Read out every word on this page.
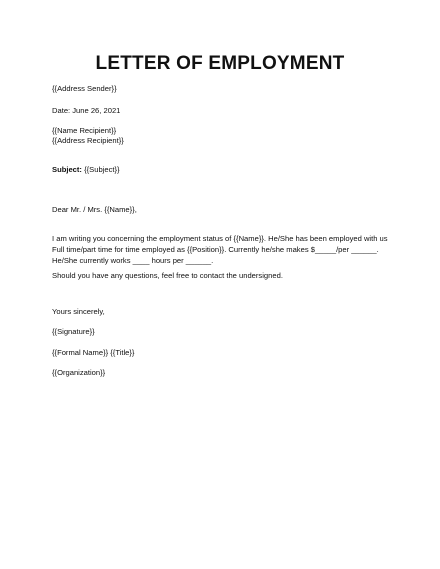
LETTER OF EMPLOYMENT
{{Address Sender}}
Date: June 26, 2021
{{Name Recipient}}
{{Address Recipient}}
Subject: {{Subject}}
Dear Mr. / Mrs. {{Name}},
I am writing you concerning the employment status of {{Name}}. He/She has been employed with us Full time/part time for time employed as {{Position}}. Currently he/she makes $_____/per ______. He/She currently works ____ hours per ______.
Should you have any questions, feel free to contact the undersigned.
Yours sincerely,
{{Signature}}
{{Formal Name}} {{Title}}
{{Organization}}
